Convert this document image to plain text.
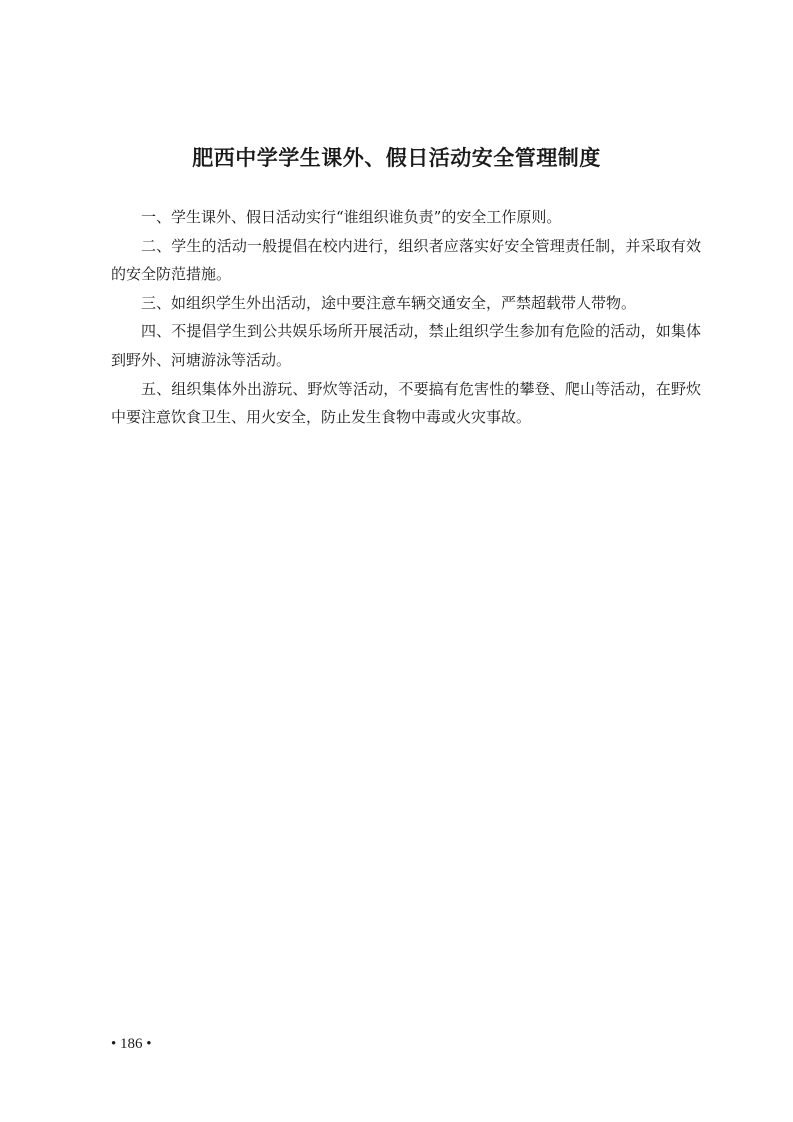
肥西中学学生课外、假日活动安全管理制度

一、学生课外、假日活动实行“谁组织谁负责”的安全工作原则。

二、学生的活动一般提倡在校内进行，组织者应落实好安全管理责任制，并采取有效的安全防范措施。

三、如组织学生外出活动，途中要注意车辆交通安全，严禁超载带人带物。

四、不提倡学生到公共娱乐场所开展活动，禁止组织学生参加有危险的活动，如集体到野外、河塘游泳等活动。

五、组织集体外出游玩、野炊等活动，不要搞有危害性的攀登、爬山等活动，在野炊中要注意饮食卫生、用火安全，防止发生食物中毒或火灾事故。

• 186 •
